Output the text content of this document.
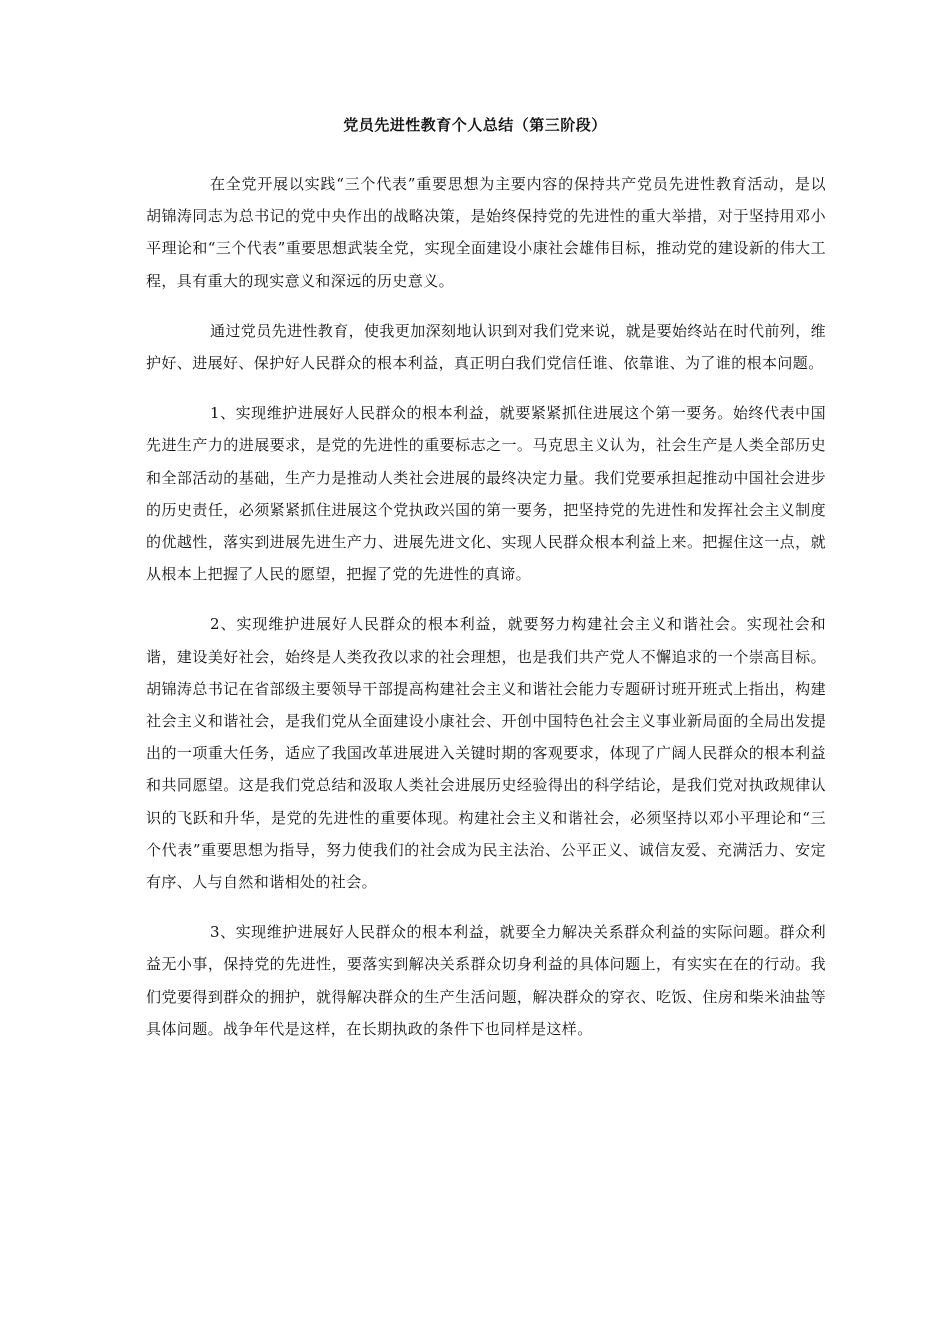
党员先进性教育个人总结（第三阶段）

在全党开展以实践“三个代表”重要思想为主要内容的保持共产党员先进性教育活动，是以胡锦涛同志为总书记的党中央作出的战略决策，是始终保持党的先进性的重大举措，对于坚持用邓小平理论和“三个代表”重要思想武装全党，实现全面建设小康社会雄伟目标，推动党的建设新的伟大工程，具有重大的现实意义和深远的历史意义。

通过党员先进性教育，使我更加深刻地认识到对我们党来说，就是要始终站在时代前列，维护好、进展好、保护好人民群众的根本利益，真正明白我们党信任谁、依靠谁、为了谁的根本问题。

1、实现维护进展好人民群众的根本利益，就要紧紧抓住进展这个第一要务。始终代表中国先进生产力的进展要求，是党的先进性的重要标志之一。马克思主义认为，社会生产是人类全部历史和全部活动的基础，生产力是推动人类社会进展的最终决定力量。我们党要承担起推动中国社会进步的历史责任，必须紧紧抓住进展这个党执政兴国的第一要务，把坚持党的先进性和发挥社会主义制度的优越性，落实到进展先进生产力、进展先进文化、实现人民群众根本利益上来。把握住这一点，就从根本上把握了人民的愿望，把握了党的先进性的真谛。

2、实现维护进展好人民群众的根本利益，就要努力构建社会主义和谐社会。实现社会和谐，建设美好社会，始终是人类孜孜以求的社会理想，也是我们共产党人不懈追求的一个崇高目标。胡锦涛总书记在省部级主要领导干部提高构建社会主义和谐社会能力专题研讨班开班式上指出，构建社会主义和谐社会，是我们党从全面建设小康社会、开创中国特色社会主义事业新局面的全局出发提出的一项重大任务，适应了我国改革进展进入关键时期的客观要求，体现了广阔人民群众的根本利益和共同愿望。这是我们党总结和汲取人类社会进展历史经验得出的科学结论，是我们党对执政规律认识的飞跃和升华，是党的先进性的重要体现。构建社会主义和谐社会，必须坚持以邓小平理论和“三个代表”重要思想为指导，努力使我们的社会成为民主法治、公平正义、诚信友爱、充满活力、安定有序、人与自然和谐相处的社会。

3、实现维护进展好人民群众的根本利益，就要全力解决关系群众利益的实际问题。群众利益无小事，保持党的先进性，要落实到解决关系群众切身利益的具体问题上，有实实在在的行动。我们党要得到群众的拥护，就得解决群众的生产生活问题，解决群众的穿衣、吃饭、住房和柴米油盐等具体问题。战争年代是这样，在长期执政的条件下也同样是这样。
